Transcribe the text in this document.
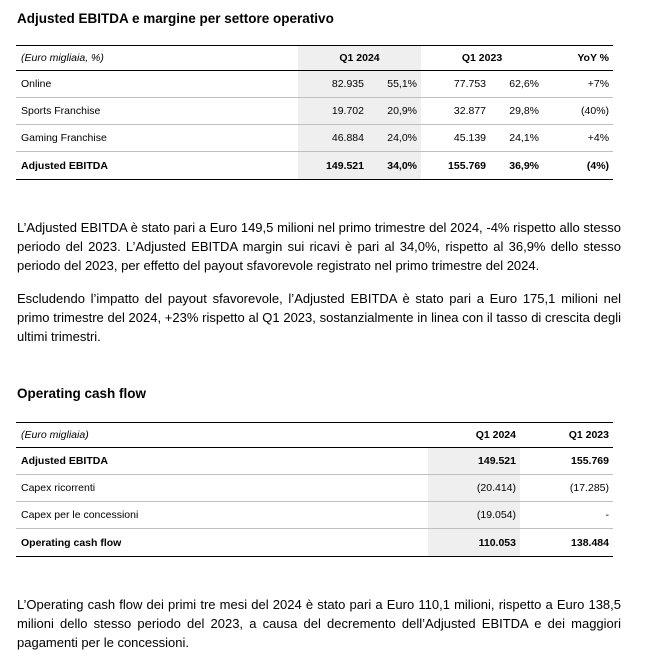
Adjusted EBITDA e margine per settore operativo
(Euro migliaia, %)	Q1 2024		Q1 2023		YoY %
Online	82.935	55,1%	77.753	62,6%	+7%
Sports Franchise	19.702	20,9%	32.877	29,8%	(40%)
Gaming Franchise	46.884	24,0%	45.139	24,1%	+4%
Adjusted EBITDA	149.521	34,0%	155.769	36,9%	(4%)
L’Adjusted EBITDA è stato pari a Euro 149,5 milioni nel primo trimestre del 2024, -4% rispetto allo stesso periodo del 2023. L’Adjusted EBITDA margin sui ricavi è pari al 34,0%, rispetto al 36,9% dello stesso periodo del 2023, per effetto del payout sfavorevole registrato nel primo trimestre del 2024.
Escludendo l’impatto del payout sfavorevole, l’Adjusted EBITDA è stato pari a Euro 175,1 milioni nel primo trimestre del 2024, +23% rispetto al Q1 2023, sostanzialmente in linea con il tasso di crescita degli ultimi trimestri.
Operating cash flow
(Euro migliaia)	Q1 2024	Q1 2023
Adjusted EBITDA	149.521	155.769
Capex ricorrenti	(20.414)	(17.285)
Capex per le concessioni	(19.054)	-
Operating cash flow	110.053	138.484
L’Operating cash flow dei primi tre mesi del 2024 è stato pari a Euro 110,1 milioni, rispetto a Euro 138,5 milioni dello stesso periodo del 2023, a causa del decremento dell’Adjusted EBITDA e dei maggiori pagamenti per le concessioni.
